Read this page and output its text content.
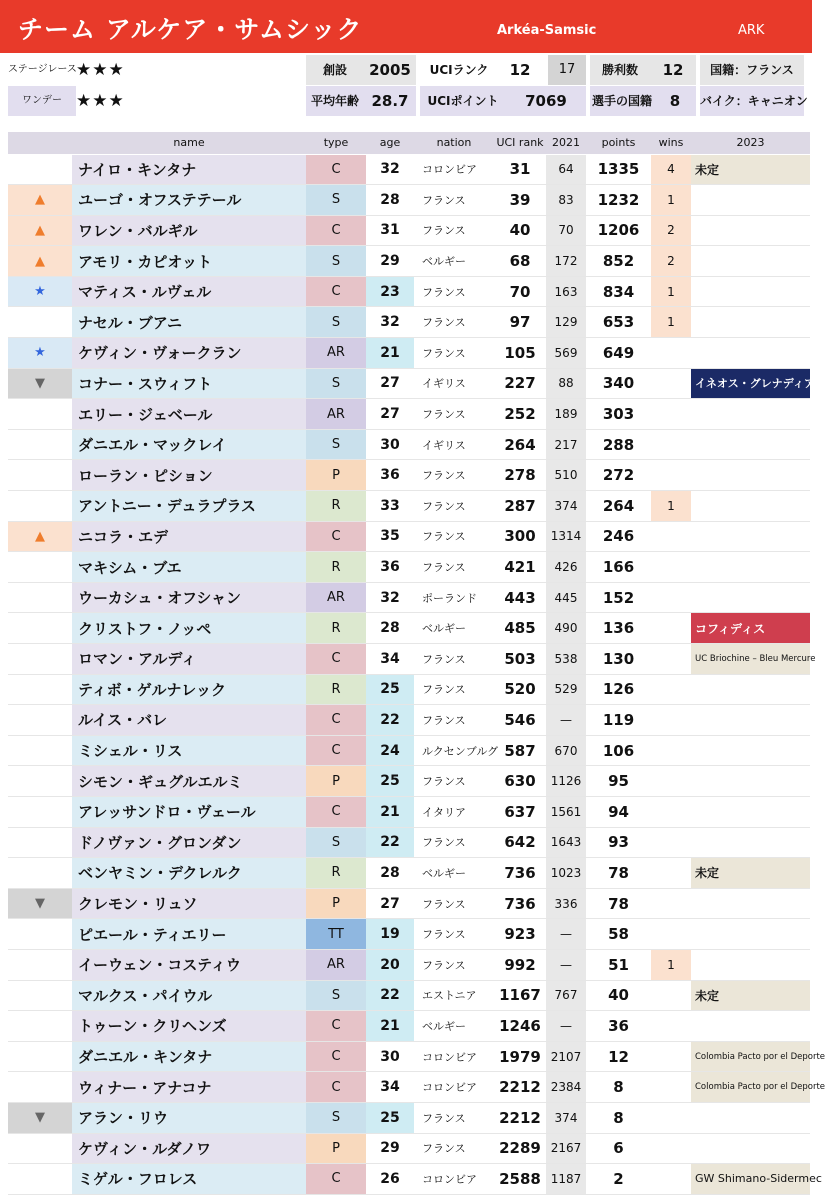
チーム アルケア・サムシック	Arkéa-Samsic	ARK
ステージレース ★★★	創設	2005	UCIランク	12	17	勝利数	12	国籍：フランス
ワンデー ★★★	平均年齢 28.7	UCIポイント	7069	選手の国籍	8	バイク：キャニオン
	name	type	age	nation	UCI rank	2021	points	wins	2023
	ナイロ・キンタナ	C	32	コロンビア	31	64	1335	4	未定
▲	ユーゴ・オフステテール	S	28	フランス	39	83	1232	1	
▲	ワレン・バルギル	C	31	フランス	40	70	1206	2	
▲	アモリ・カピオット	S	29	ベルギー	68	172	852	2	
★	マティス・ルヴェル	C	23	フランス	70	163	834	1	
	ナセル・ブアニ	S	32	フランス	97	129	653	1	
★	ケヴィン・ヴォークラン	AR	21	フランス	105	569	649		
▼	コナー・スウィフト	S	27	イギリス	227	88	340		イネオス・グレナディアーズ
	エリー・ジェベール	AR	27	フランス	252	189	303		
	ダニエル・マックレイ	S	30	イギリス	264	217	288		
	ローラン・ピション	P	36	フランス	278	510	272		
	アントニー・デュラプラス	R	33	フランス	287	374	264	1	
▲	ニコラ・エデ	C	35	フランス	300	1314	246		
	マキシム・ブエ	R	36	フランス	421	426	166		
	ウーカシュ・オフシャン	AR	32	ポーランド	443	445	152		
	クリストフ・ノッペ	R	28	ベルギー	485	490	136		コフィディス
	ロマン・アルディ	C	34	フランス	503	538	130		UC Briochine – Bleu Mercure
	ティボ・ゲルナレック	R	25	フランス	520	529	126		
	ルイス・バレ	C	22	フランス	546	—	119		
	ミシェル・リス	C	24	ルクセンブルグ	587	670	106		
	シモン・ギュグルエルミ	P	25	フランス	630	1126	95		
	アレッサンドロ・ヴェール	C	21	イタリア	637	1561	94		
	ドノヴァン・グロンダン	S	22	フランス	642	1643	93		
	ベンヤミン・デクレルク	R	28	ベルギー	736	1023	78		未定
▼	クレモン・リュソ	P	27	フランス	736	336	78		
	ピエール・ティエリー	TT	19	フランス	923	—	58		
	イーウェン・コスティウ	AR	20	フランス	992	—	51	1	
	マルクス・パイウル	S	22	エストニア	1167	767	40		未定
	トゥーン・クリヘンズ	C	21	ベルギー	1246	—	36		
	ダニエル・キンタナ	C	30	コロンビア	1979	2107	12		Colombia Pacto por el Deporte
	ウィナー・アナコナ	C	34	コロンビア	2212	2384	8		Colombia Pacto por el Deporte
▼	アラン・リウ	S	25	フランス	2212	374	8		
	ケヴィン・ルダノワ	P	29	フランス	2289	2167	6		
	ミゲル・フロレス	C	26	コロンビア	2588	1187	2		GW Shimano-Sidermec
